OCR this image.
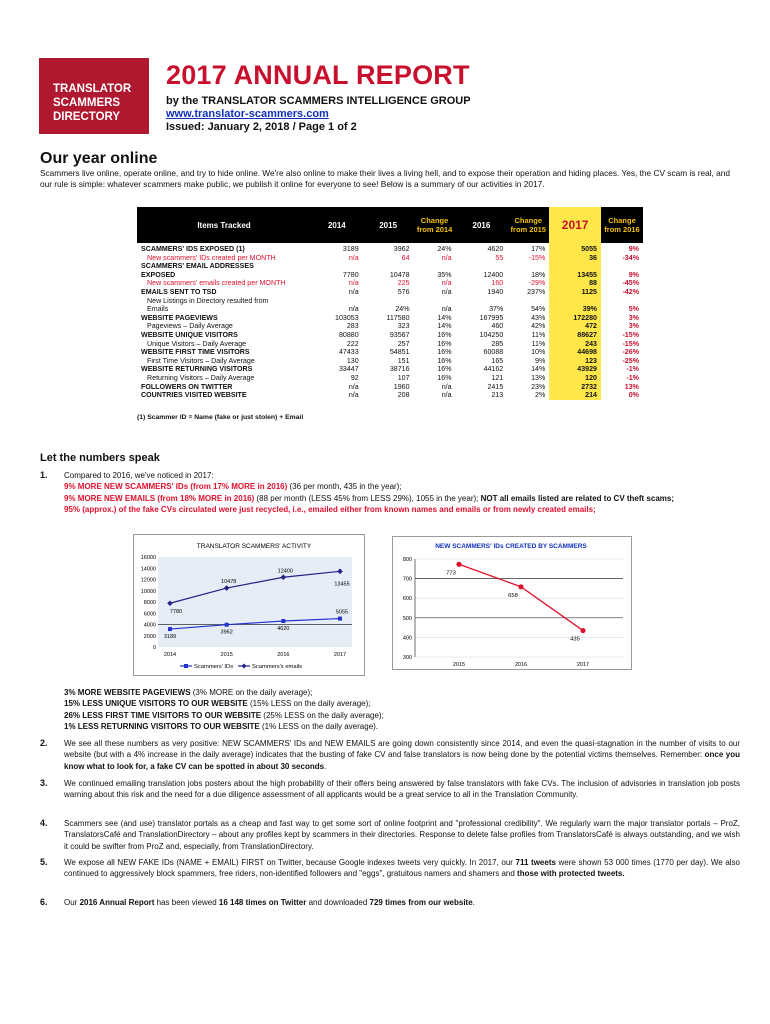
TRANSLATOR
SCAMMERS
DIRECTORY
2017 ANNUAL REPORT
by the TRANSLATOR SCAMMERS INTELLIGENCE GROUP
www.translator-scammers.com
Issued: January 2, 2018 / Page 1 of 2
Our year online
Scammers live online, operate online, and try to hide online. We're also online to make their lives a living hell, and to expose their operation and hiding places. Yes, the CV scam is real, and our rule is simple: whatever scammers make public, we publish it online for everyone to see! Below is a summary of our activities in 2017.
Items Tracked	2014	2015	Change from 2014	2016	Change from 2015	2017	Change from 2016
SCAMMERS' IDS EXPOSED (1)	3189	3962	24%	4620	17%	5055	9%
New scammers' IDs created per MONTH	n/a	64	n/a	55	-15%	36	-34%
SCAMMERS' EMAIL ADDRESSES							
EXPOSED	7780	10478	35%	12400	18%	13455	9%
New scammers' emails created per MONTH	n/a	225	n/a	160	-29%	88	-45%
EMAILS SENT TO TSD	n/a	576	n/a	1940	237%	1125	-42%
New Listings in Directory resulted from							
Emails	n/a	24%	n/a	37%	54%	39%	5%
WEBSITE PAGEVIEWS	103053	117580	14%	167995	43%	172280	3%
Pageviews – Daily Average	283	323	14%	460	42%	472	3%
WEBSITE UNIQUE VISITORS	80880	93567	16%	104250	11%	88627	-15%
Unique Visitors – Daily Average	222	257	16%	285	11%	243	-15%
WEBSITE FIRST TIME VISITORS	47433	54851	16%	60088	10%	44698	-26%
First Time Visitors – Daily Average	130	151	16%	165	9%	123	-25%
WEBSITE RETURNING VISITORS	33447	38716	16%	44162	14%	43929	-1%
Returning Visitors – Daily Average	92	107	16%	121	13%	120	-1%
FOLLOWERS ON TWITTER	n/a	1960	n/a	2415	23%	2732	13%
COUNTRIES VISITED WEBSITE	n/a	208	n/a	213	2%	214	0%
(1) Scammer ID = Name (fake or just stolen) + Email
Let the numbers speak
1. Compared to 2016, we've noticed in 2017:
9% MORE NEW SCAMMERS' IDs (from 17% MORE in 2016) (36 per month, 435 in the year);
9% MORE NEW EMAILS (from 18% MORE in 2016) (88 per month (LESS 45% from LESS 29%), 1055 in the year); NOT all emails listed are related to CV theft scams;
95% (approx.) of the fake CVs circulated were just recycled, i.e., emailed either from known names and emails or from newly created emails;
TRANSLATOR SCAMMERS' ACTIVITY
0
2000
4000
6000
8000
10000
12000
14000
16000
2014	2015	2016	2017
3189
3962
4620
5055
7780
10478
12400
13455
Scammers' IDs	Scammers's emails
NEW SCAMMERS' IDs CREATED BY SCAMMERS
300
400
500
600
700
800
2015	2016	2017
773
658
435
3% MORE WEBSITE PAGEVIEWS (3% MORE on the daily average);
15% LESS UNIQUE VISITORS TO OUR WEBSITE (15% LESS on the daily average);
26% LESS FIRST TIME VISITORS TO OUR WEBSITE (25% LESS on the daily average);
1% LESS RETURNING VISITORS TO OUR WEBSITE (1% LESS on the daily average).
2. We see all these numbers as very positive: NEW SCAMMERS' IDs and NEW EMAILS are going down consistently since 2014, and even the quasi-stagnation in the number of visits to our website (but with a 4% increase in the daily average) indicates that the busting of fake CV and false translators is now being done by the potential victims themselves. Remember: once you know what to look for, a fake CV can be spotted in about 30 seconds.
3. We continued emailing translation jobs posters about the high probability of their offers being answered by false translators with fake CVs. The inclusion of advisories in translation job posts warning about this risk and the need for a due diligence assessment of all applicants would be a great service to all in the Translation Community.
4. Scammers see (and use) translator portals as a cheap and fast way to get some sort of online footprint and "professional credibility". We regularly warn the major translator portals – ProZ, TranslatorsCafé and TranslationDirectory – about any profiles kept by scammers in their directories. Response to delete false profiles from TranslatorsCafé is always outstanding, and we wish it could be swifter from ProZ and, especially, from TranslationDirectory.
5. We expose all NEW FAKE IDs (NAME + EMAIL) FIRST on Twitter, because Google indexes tweets very quickly. In 2017, our 711 tweets were shown 53 000 times (1770 per day). We also continued to aggressively block spammers, free riders, non-identified followers and "eggs", gratuitous namers and shamers and those with protected tweets.
6. Our 2016 Annual Report has been viewed 16 148 times on Twitter and downloaded 729 times from our website.
